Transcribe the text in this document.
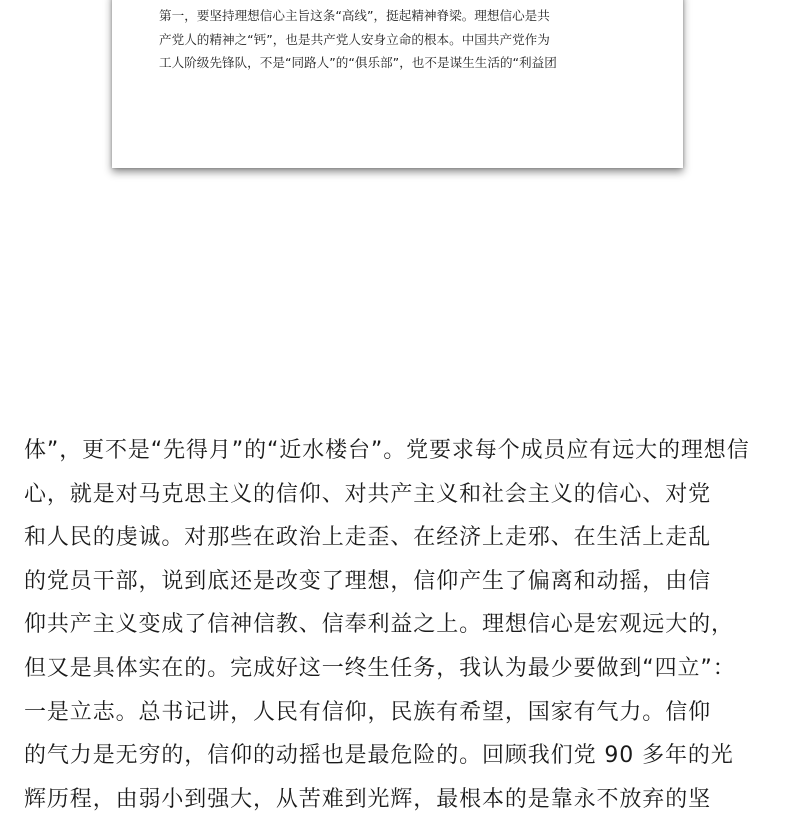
第一，要坚持理想信心主旨这条“高线”，挺起精神脊梁。理想信心是共
产党人的精神之“钙”，也是共产党人安身立命的根本。中国共产党作为
工人阶级先锋队，不是“同路人”的“俱乐部”，也不是谋生生活的“利益团
体”，更不是“先得月”的“近水楼台”。党要求每个成员应有远大的理想信
心，就是对马克思主义的信仰、对共产主义和社会主义的信心、对党
和人民的虔诚。对那些在政治上走歪、在经济上走邪、在生活上走乱
的党员干部，说到底还是改变了理想，信仰产生了偏离和动摇，由信
仰共产主义变成了信神信教、信奉利益之上。理想信心是宏观远大的，
但又是具体实在的。完成好这一终生任务，我认为最少要做到“四立”：
一是立志。总书记讲，人民有信仰，民族有希望，国家有气力。信仰
的气力是无穷的，信仰的动摇也是最危险的。回顾我们党 90 多年的光
辉历程，由弱小到强大，从苦难到光辉，最根本的是靠永不放弃的坚
